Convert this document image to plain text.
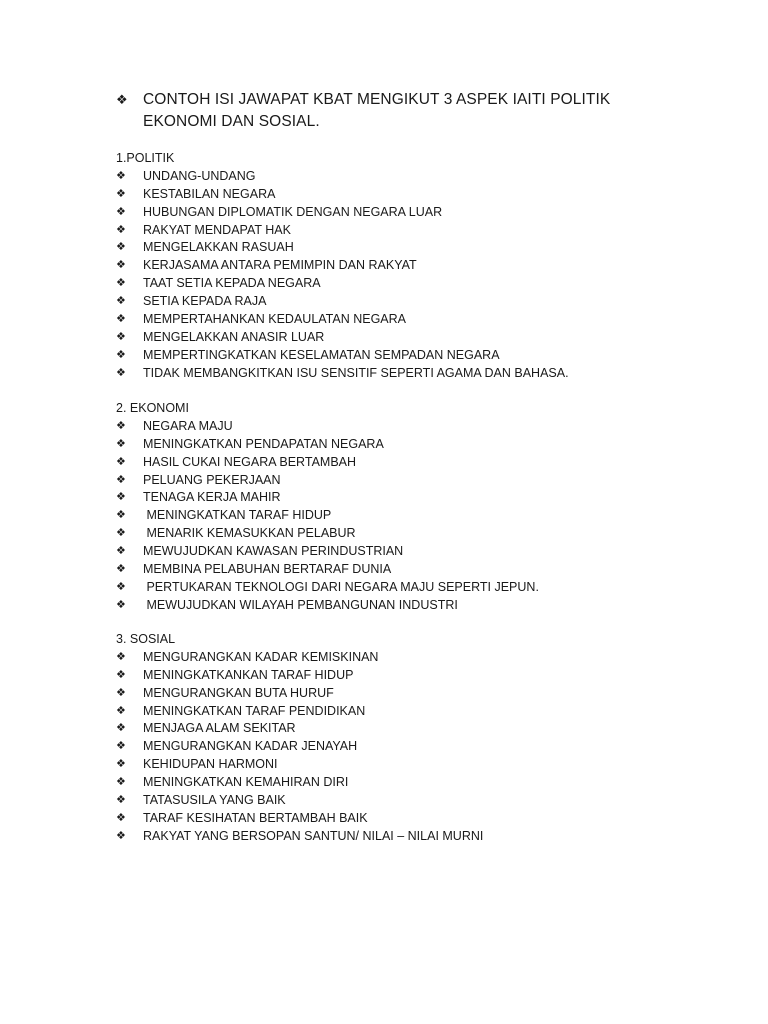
❖ CONTOH ISI JAWAPAT KBAT MENGIKUT 3 ASPEK IAITI POLITIK
EKONOMI DAN SOSIAL.
1.POLITIK
❖	UNDANG-UNDANG
❖	KESTABILAN NEGARA
❖	HUBUNGAN DIPLOMATIK DENGAN NEGARA LUAR
❖	RAKYAT MENDAPAT HAK
❖	MENGELAKKAN RASUAH
❖	KERJASAMA ANTARA PEMIMPIN DAN RAKYAT
❖	TAAT SETIA KEPADA NEGARA
❖	SETIA KEPADA RAJA
❖	MEMPERTAHANKAN KEDAULATAN NEGARA
❖	MENGELAKKAN ANASIR LUAR
❖	MEMPERTINGKATKAN KESELAMATAN SEMPADAN NEGARA
❖	TIDAK MEMBANGKITKAN ISU SENSITIF SEPERTI AGAMA DAN BAHASA.
2. EKONOMI
❖	NEGARA MAJU
❖	MENINGKATKAN PENDAPATAN NEGARA
❖	HASIL CUKAI NEGARA BERTAMBAH
❖	PELUANG PEKERJAAN
❖	TENAGA KERJA MAHIR
❖	MENINGKATKAN TARAF HIDUP
❖	MENARIK KEMASUKKAN PELABUR
❖	MEWUJUDKAN KAWASAN PERINDUSTRIAN
❖	MEMBINA PELABUHAN BERTARAF DUNIA
❖	PERTUKARAN TEKNOLOGI DARI NEGARA MAJU SEPERTI JEPUN.
❖	MEWUJUDKAN WILAYAH PEMBANGUNAN INDUSTRI
3. SOSIAL
❖	MENGURANGKAN KADAR KEMISKINAN
❖	MENINGKATKANKAN TARAF HIDUP
❖	MENGURANGKAN BUTA HURUF
❖	MENINGKATKAN TARAF PENDIDIKAN
❖	MENJAGA ALAM SEKITAR
❖	MENGURANGKAN KADAR JENAYAH
❖	KEHIDUPAN HARMONI
❖	MENINGKATKAN KEMAHIRAN DIRI
❖	TATASUSILA YANG BAIK
❖	TARAF KESIHATAN BERTAMBAH BAIK
❖	RAKYAT YANG BERSOPAN SANTUN/ NILAI – NILAI MURNI
